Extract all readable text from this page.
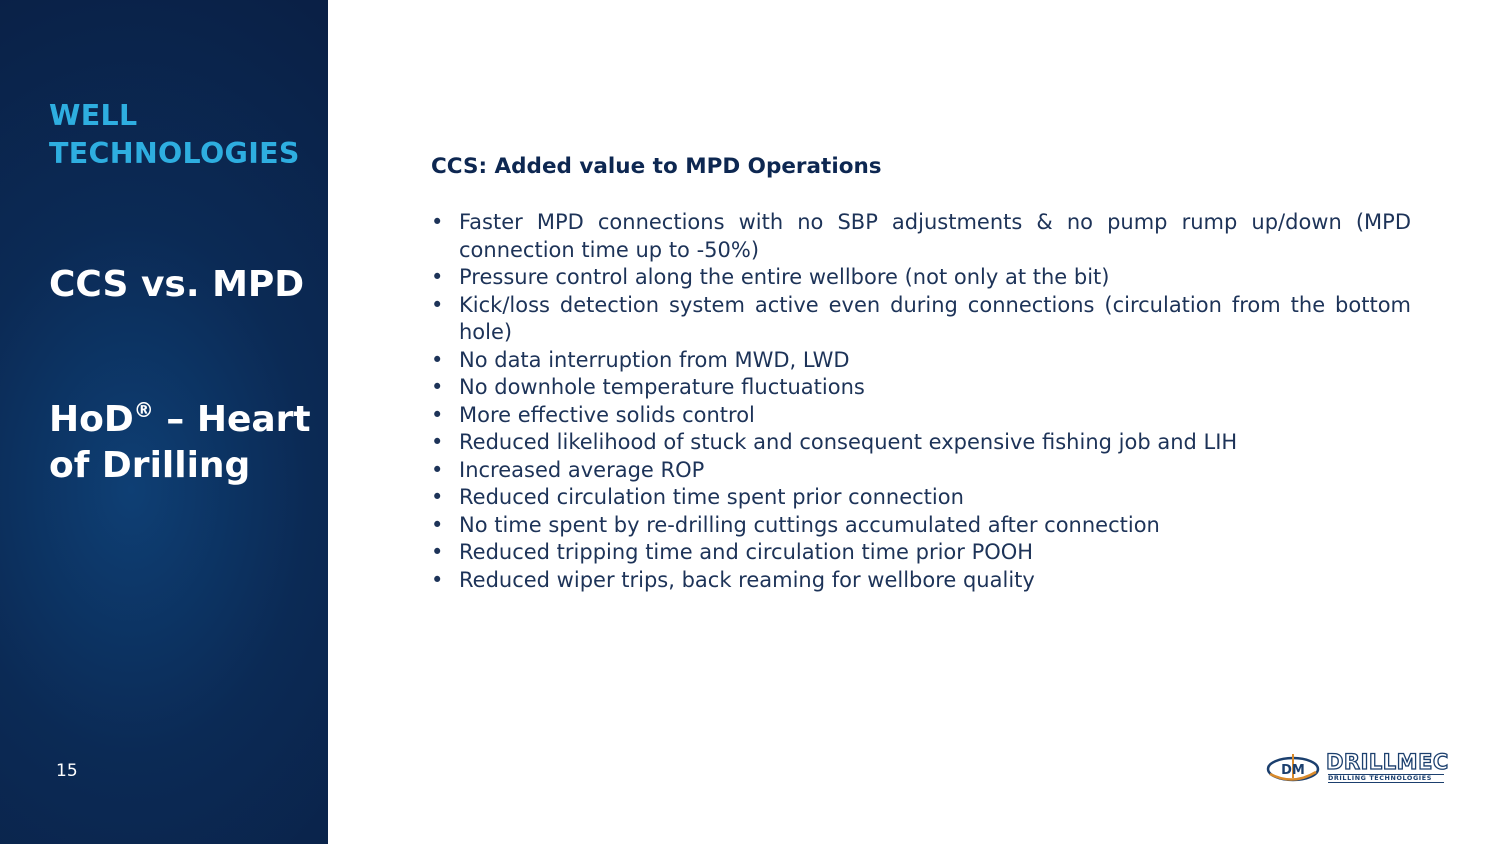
WELL TECHNOLOGIES
CCS vs. MPD
HoD® – Heart of Drilling
15
CCS: Added value to MPD Operations
• Faster MPD connections with no SBP adjustments & no pump rump up/down (MPD connection time up to -50%)
• Pressure control along the entire wellbore (not only at the bit)
• Kick/loss detection system active even during connections (circulation from the bottom hole)
• No data interruption from MWD, LWD
• No downhole temperature fluctuations
• More effective solids control
• Reduced likelihood of stuck and consequent expensive fishing job and LIH
• Increased average ROP
• Reduced circulation time spent prior connection
• No time spent by re-drilling cuttings accumulated after connection
• Reduced tripping time and circulation time prior POOH
• Reduced wiper trips, back reaming for wellbore quality
DM DRILLMEC
DRILLING TECHNOLOGIES
